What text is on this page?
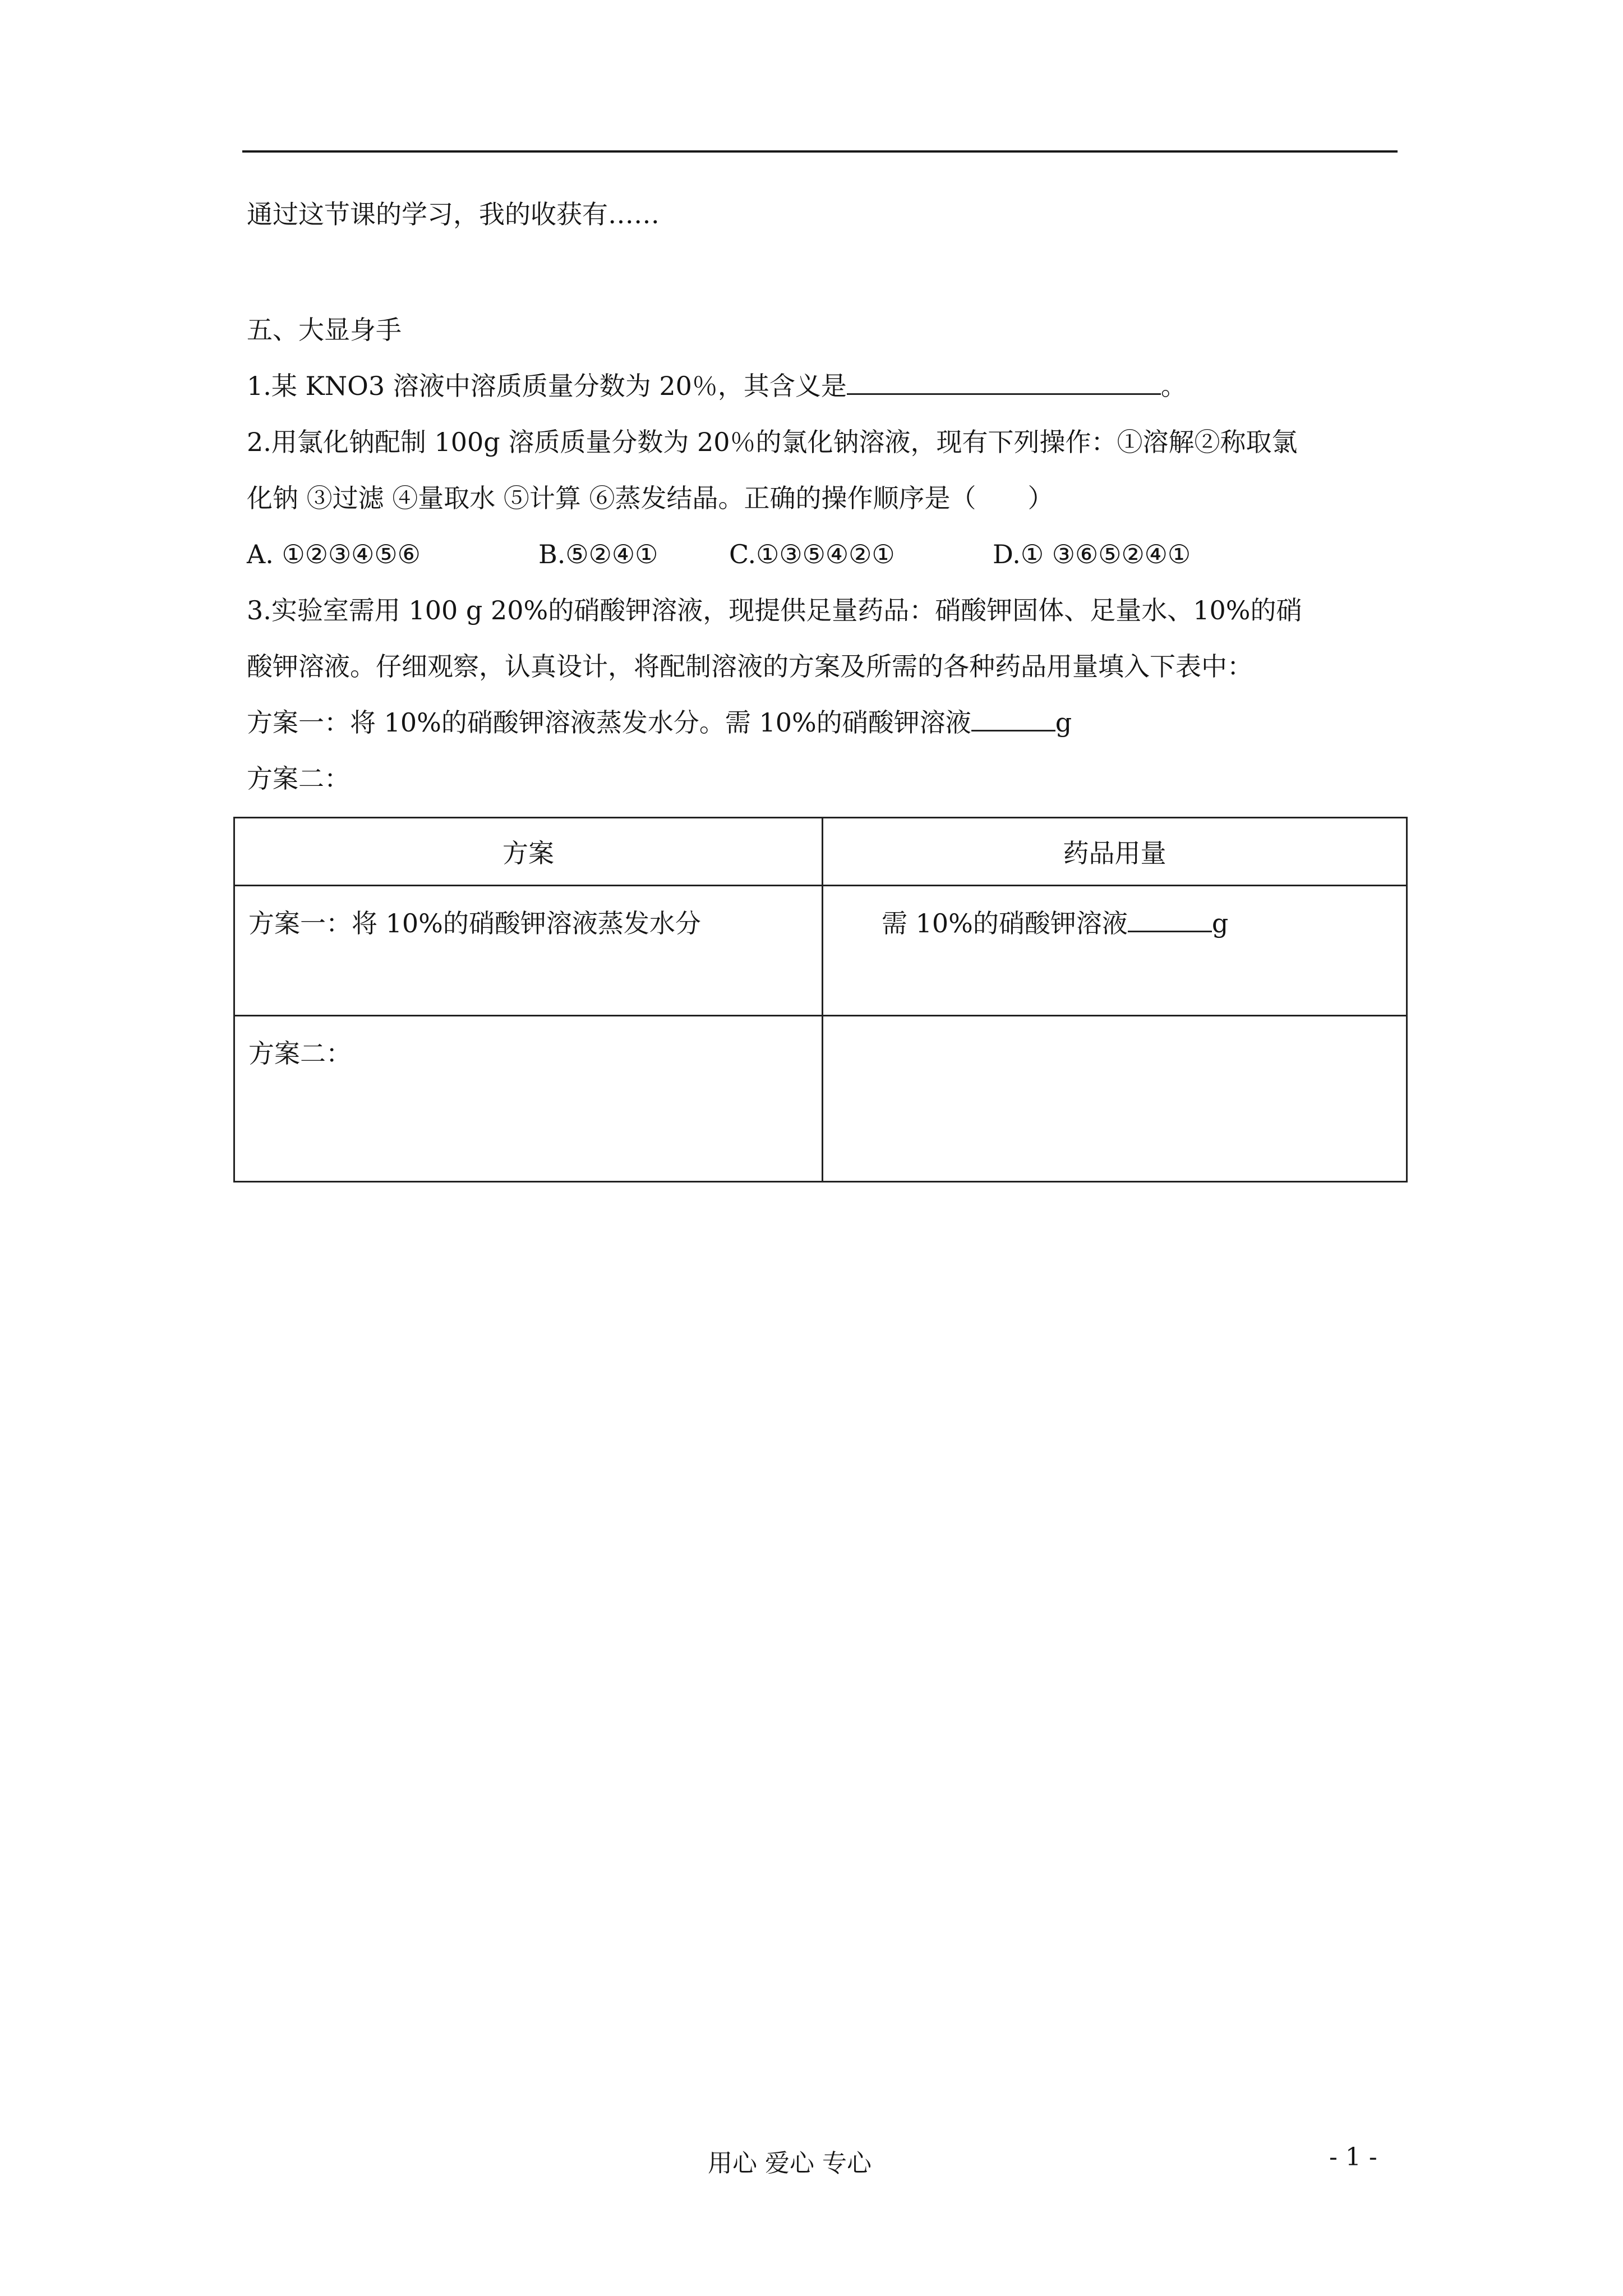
通过这节课的学习，我的收获有……
五、大显身手
1.某 KNO3 溶液中溶质质量分数为 20％，其含义是	。
2.用氯化钠配制 100g 溶质质量分数为 20％的氯化钠溶液，现有下列操作：①溶解②称取氯
化钠 ③过滤 ④量取水 ⑤计算 ⑥蒸发结晶。正确的操作顺序是（　　）
A. ①②③④⑤⑥	B.⑤②④①	C.①③⑤④②①	D.① ③⑥⑤②④①
3.实验室需用 100 g 20%的硝酸钾溶液，现提供足量药品：硝酸钾固体、足量水、10%的硝
酸钾溶液。仔细观察，认真设计，将配制溶液的方案及所需的各种药品用量填入下表中：
方案一：将 10%的硝酸钾溶液蒸发水分。需 10%的硝酸钾溶液	g
方案二：
方案	药品用量
方案一：将 10%的硝酸钾溶液蒸发水分	需 10%的硝酸钾溶液 g
方案二：	
用心 爱心 专心	- 1 -
